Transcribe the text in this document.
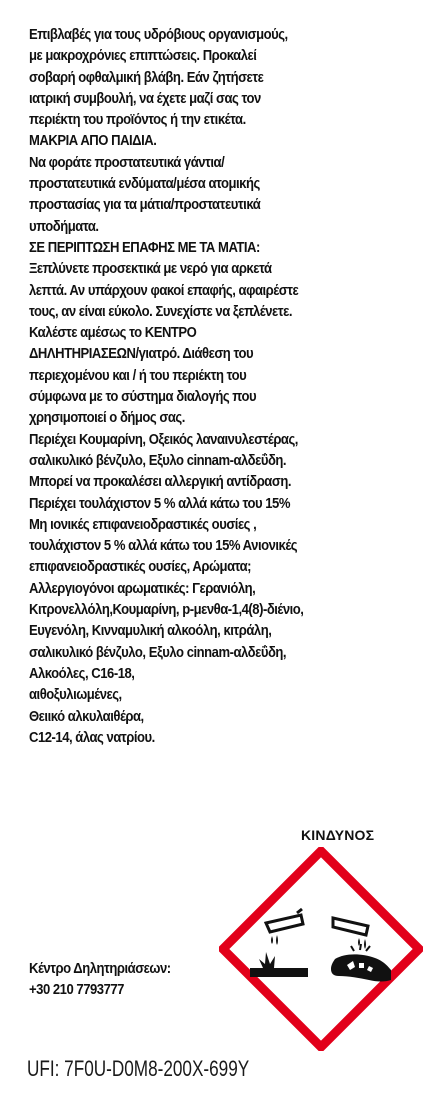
Επιβλαβές για τους υδρόβιους οργανισμούς,
με μακροχρόνιες επιπτώσεις. Προκαλεί
σοβαρή οφθαλμική βλάβη. Εάν ζητήσετε
ιατρική συμβουλή, να έχετε μαζί σας τον
περιέκτη του προϊόντος ή την ετικέτα.
ΜΑΚΡΙΑ ΑΠΟ ΠΑΙΔΙΑ.
Να φοράτε προστατευτικά γάντια/
προστατευτικά ενδύματα/μέσα ατομικής
προστασίας για τα μάτια/προστατευτικά
υποδήματα.
ΣΕ ΠΕΡΙΠΤΩΣΗ ΕΠΑΦΗΣ ΜΕ ΤΑ ΜΑΤΙΑ:
Ξεπλύνετε προσεκτικά με νερό για αρκετά
λεπτά. Αν υπάρχουν φακοί επαφής, αφαιρέστε
τους, αν είναι εύκολο. Συνεχίστε να ξεπλένετε.
Καλέστε αμέσως το ΚΕΝΤΡΟ
ΔΗΛΗΤΗΡΙΑΣΕΩΝ/γιατρό. Διάθεση του
περιεχομένου και / ή του περιέκτη του
σύμφωνα με το σύστημα διαλογής που
χρησιμοποιεί ο δήμος σας.
Περιέχει Κουμαρίνη, Οξεικός λαναινυλεστέρας,
σαλικυλικό βένζυλο, Εξυλο cinnam-αλδεΰδη.
Μπορεί να προκαλέσει αλλεργική αντίδραση.
Περιέχει τουλάχιστον 5 % αλλά κάτω του 15%
Μη ιονικές επιφανειοδραστικές ουσίες ,
τουλάχιστον 5 % αλλά κάτω του 15% Ανιονικές
επιφανειοδραστικές ουσίες, Αρώματα;
Αλλεργιογόνοι αρωματικές: Γερανιόλη,
Κιτρονελλόλη,Κουμαρίνη, p-μενθα-1,4(8)-διένιο,
Ευγενόλη, Κινναμυλική αλκοόλη, κιτράλη,
σαλικυλικό βένζυλο, Εξυλο cinnam-αλδεΰδη,
Αλκοόλες, C16-18,
αιθοξυλιωμένες,
Θειικό αλκυλαιθέρα,
C12-14, άλας νατρίου.
ΚΙΝΔΥΝΟΣ
Κέντρο Δηλητηριάσεων:
+30 210 7793777
UFI: 7F0U-D0M8-200X-699Y
